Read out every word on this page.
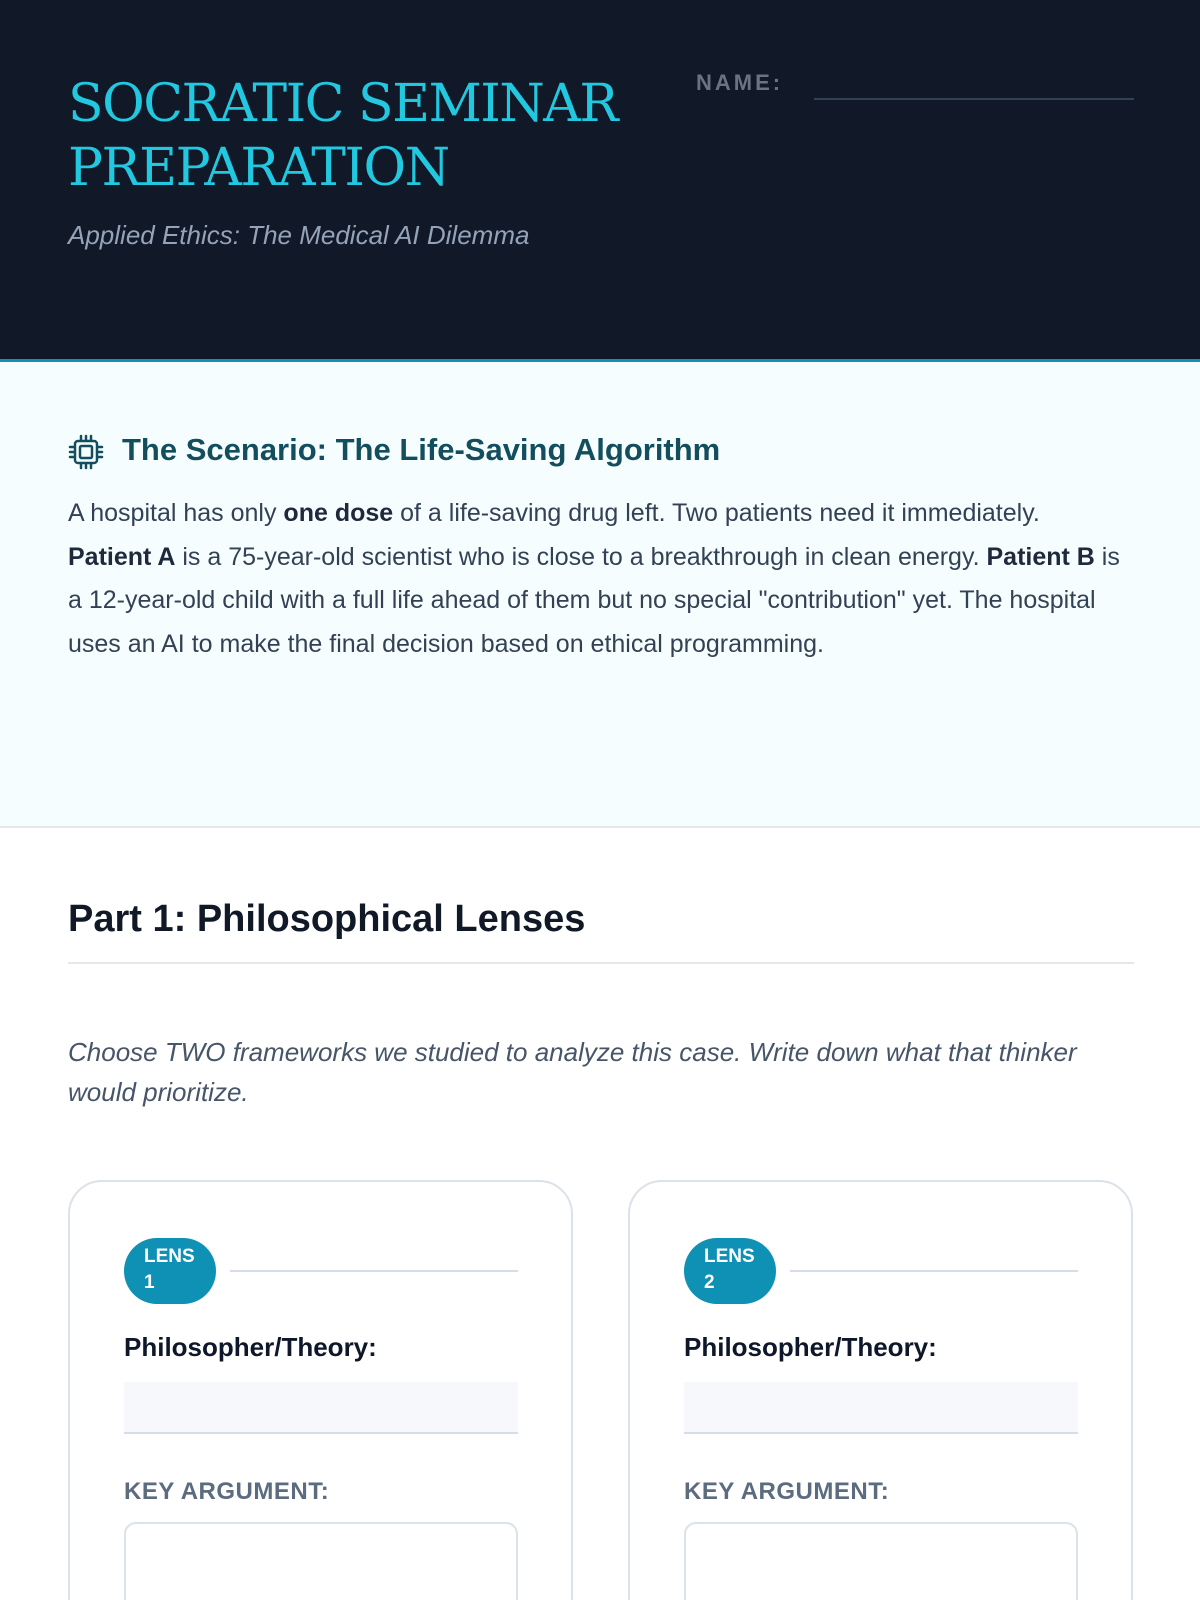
SOCRATIC SEMINAR
PREPARATION
Applied Ethics: The Medical AI Dilemma
NAME:
The Scenario: The Life-Saving Algorithm

A hospital has only one dose of a life-saving drug left. Two patients need it immediately. Patient A is a 75-year-old scientist who is close to a breakthrough in clean energy. Patient B is a 12-year-old child with a full life ahead of them but no special "contribution" yet. The hospital uses an AI to make the final decision based on ethical programming.

Part 1: Philosophical Lenses

Choose TWO frameworks we studied to analyze this case. Write down what that thinker would prioritize.

LENS
1
Philosopher/Theory:
KEY ARGUMENT:
LENS
2
Philosopher/Theory:
KEY ARGUMENT:
